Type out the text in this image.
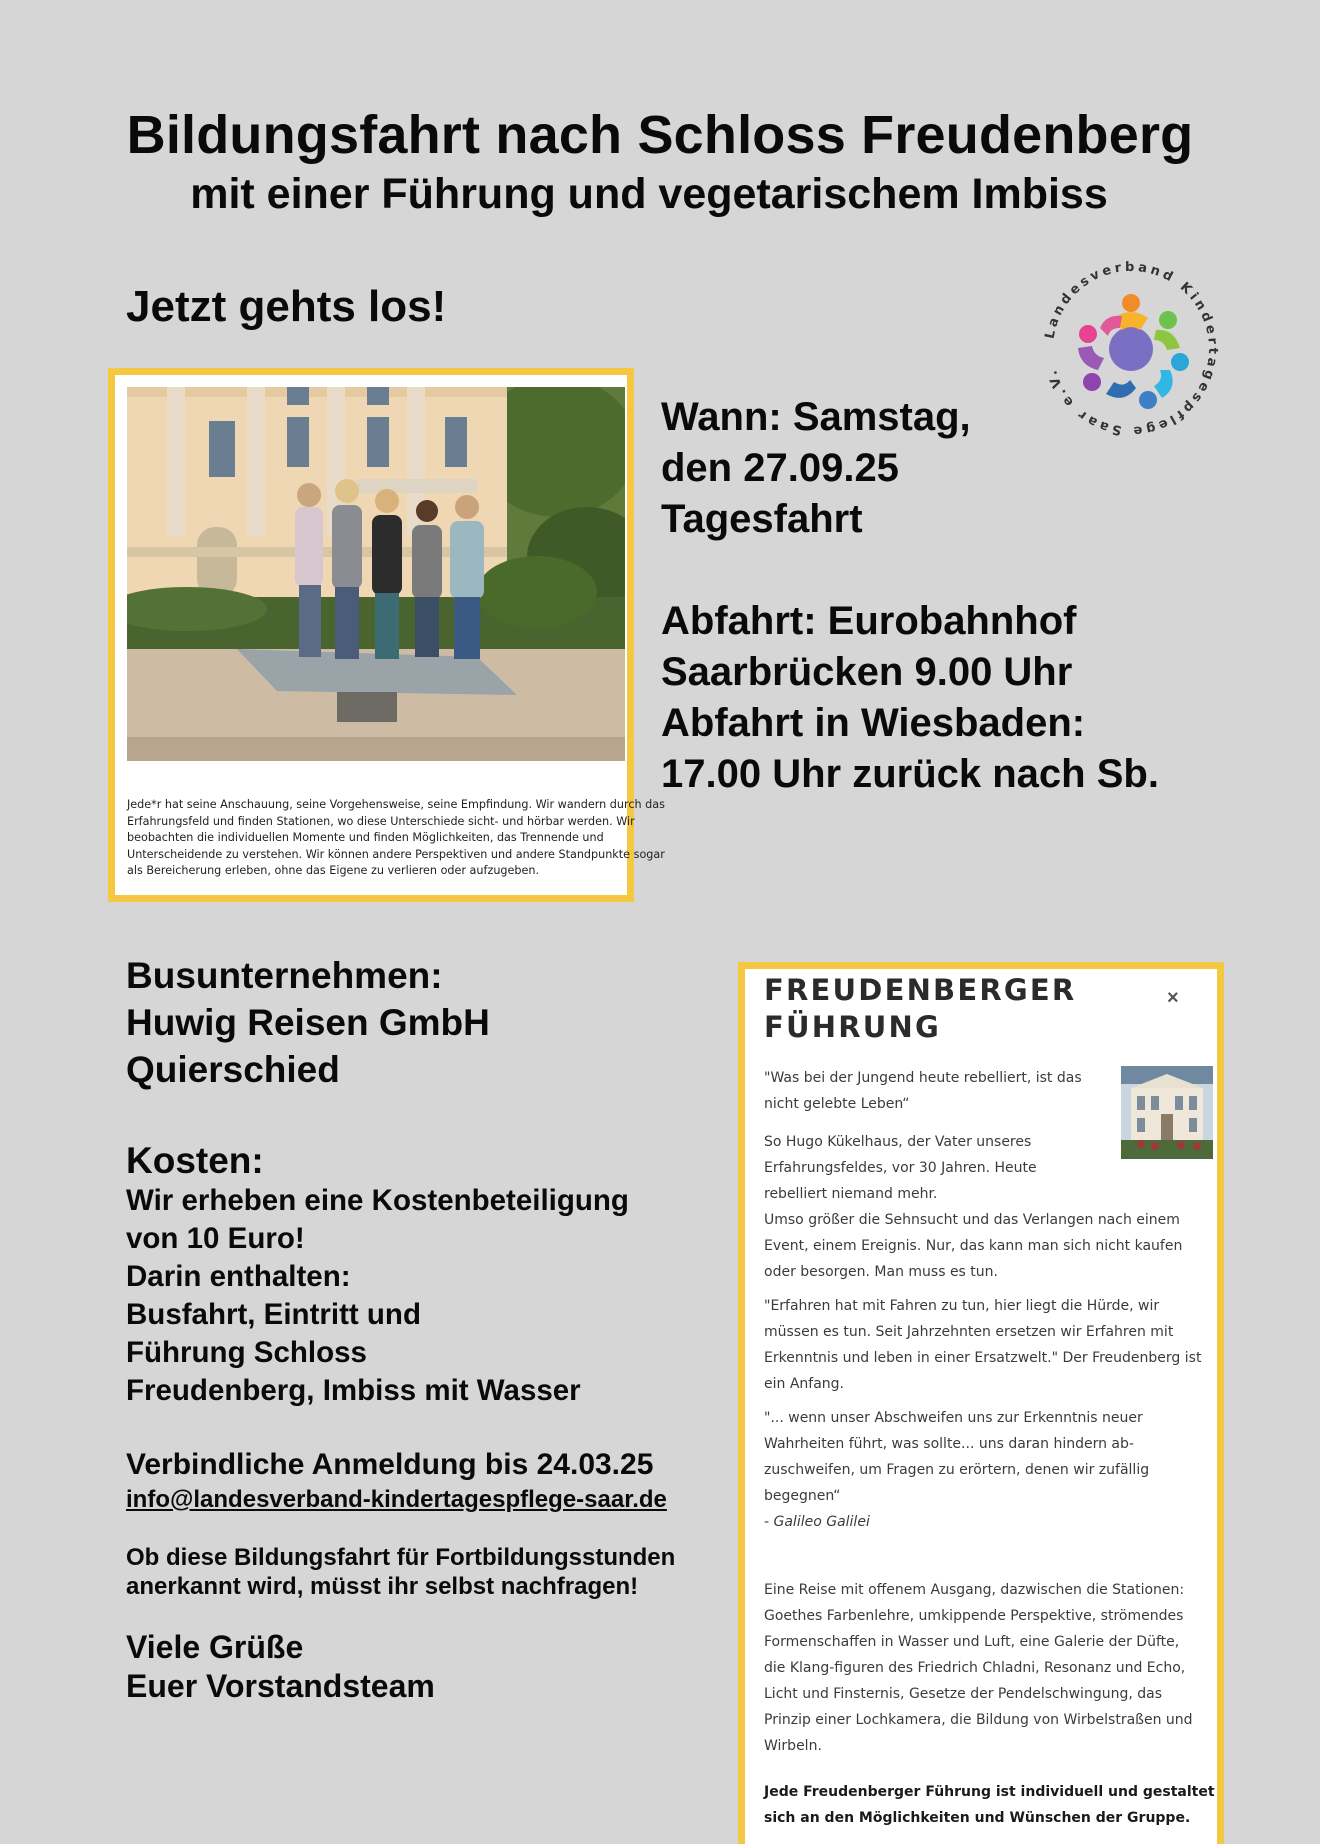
Bildungsfahrt nach Schloss Freudenberg
mit einer Führung und vegetarischem Imbiss
Jetzt gehts los!
Landesverband Kindertagespflege Saar e.V.
Jede*r hat seine Anschauung, seine Vorgehensweise, seine Empfindung. Wir wandern durch das
Erfahrungsfeld und finden Stationen, wo diese Unterschiede sicht- und hörbar werden. Wir
beobachten die individuellen Momente und finden Möglichkeiten, das Trennende und
Unterscheidende zu verstehen. Wir können andere Perspektiven und andere Standpunkte sogar
als Bereicherung erleben, ohne das Eigene zu verlieren oder aufzugeben.
Wann: Samstag,
den 27.09.25
Tagesfahrt
Abfahrt: Eurobahnhof
Saarbrücken 9.00 Uhr
Abfahrt in Wiesbaden:
17.00 Uhr zurück nach Sb.
Busunternehmen:
Huwig Reisen GmbH
Quierschied
Kosten:
Wir erheben eine Kostenbeteiligung
von 10 Euro!
Darin enthalten:
Busfahrt, Eintritt und
Führung Schloss
Freudenberg, Imbiss mit Wasser
Verbindliche Anmeldung bis 24.03.25
info@landesverband-kindertagespflege-saar.de
Ob diese Bildungsfahrt für Fortbildungsstunden
anerkannt wird, müsst ihr selbst nachfragen!
Viele Grüße
Euer Vorstandsteam
FREUDENBERGER
FÜHRUNG
×
"Was bei der Jungend heute rebelliert, ist das
nicht gelebte Leben“
So Hugo Kükelhaus, der Vater unseres
Erfahrungsfeldes, vor 30 Jahren. Heute
rebelliert niemand mehr.
Umso größer die Sehnsucht und das Verlangen nach einem
Event, einem Ereignis. Nur, das kann man sich nicht kaufen
oder besorgen. Man muss es tun.
"Erfahren hat mit Fahren zu tun, hier liegt die Hürde, wir
müssen es tun. Seit Jahrzehnten ersetzen wir Erfahren mit
Erkenntnis und leben in einer Ersatzwelt." Der Freudenberg ist
ein Anfang.
"... wenn unser Abschweifen uns zur Erkenntnis neuer
Wahrheiten führt, was sollte... uns daran hindern ab-
zuschweifen, um Fragen zu erörtern, denen wir zufällig
begegnen“
- Galileo Galilei
Eine Reise mit offenem Ausgang, dazwischen die Stationen:
Goethes Farbenlehre, umkippende Perspektive, strömendes
Formenschaffen in Wasser und Luft, eine Galerie der Düfte,
die Klang-figuren des Friedrich Chladni, Resonanz und Echo,
Licht und Finsternis, Gesetze der Pendelschwingung, das
Prinzip einer Lochkamera, die Bildung von Wirbelstraßen und
Wirbeln.
Jede Freudenberger Führung ist individuell und gestaltet
sich an den Möglichkeiten und Wünschen der Gruppe.
